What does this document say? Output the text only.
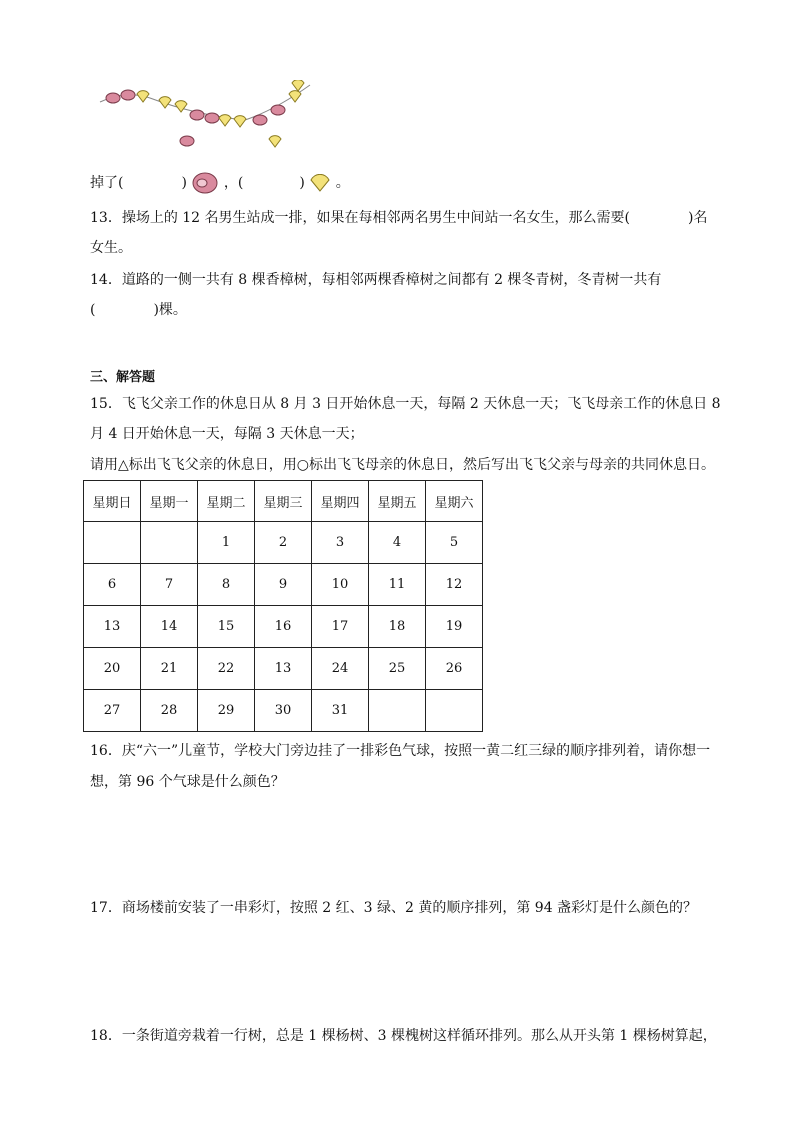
掉了(	)	，(	) 。
13．操场上的 12 名男生站成一排，如果在每相邻两名男生中间站一名女生，那么需要(	)名
女生。
14．道路的一侧一共有 8 棵香樟树，每相邻两棵香樟树之间都有 2 棵冬青树，冬青树一共有
(	)棵。
三、解答题
15．飞飞父亲工作的休息日从 8 月 3 日开始休息一天，每隔 2 天休息一天；飞飞母亲工作的休息日 8
月 4 日开始休息一天，每隔 3 天休息一天；
请用△标出飞飞父亲的休息日，用○标出飞飞母亲的休息日，然后写出飞飞父亲与母亲的共同休息日。
星期日	星期一	星期二	星期三	星期四	星期五	星期六
		1	2	3	4	5
6	7	8	9	10	11	12
13	14	15	16	17	18	19
20	21	22	13	24	25	26
27	28	29	30	31		
16．庆“六一”儿童节，学校大门旁边挂了一排彩色气球，按照一黄二红三绿的顺序排列着，请你想一
想，第 96 个气球是什么颜色？
17．商场楼前安装了一串彩灯，按照 2 红、3 绿、2 黄的顺序排列，第 94 盏彩灯是什么颜色的？
18．一条街道旁栽着一行树，总是 1 棵杨树、3 棵槐树这样循环排列。那么从开头第 1 棵杨树算起，
